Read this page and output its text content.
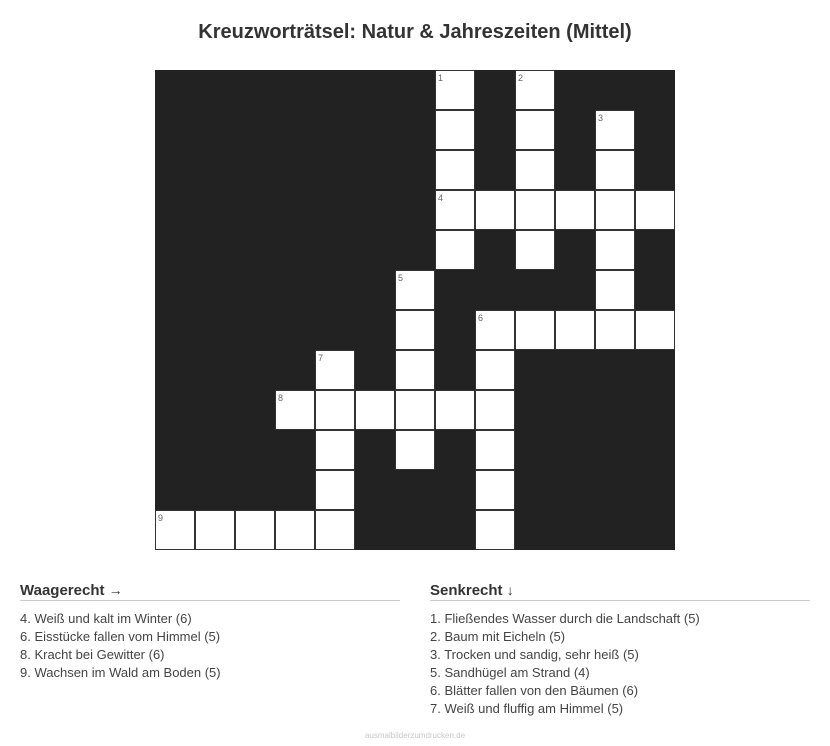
Kreuzworträtsel: Natur & Jahreszeiten (Mittel)
1	2
3
4
5
6
7
8
9
Waagerecht →
4. Weiß und kalt im Winter (6)
6. Eisstücke fallen vom Himmel (5)
8. Kracht bei Gewitter (6)
9. Wachsen im Wald am Boden (5)
Senkrecht ↓
1. Fließendes Wasser durch die Landschaft (5)
2. Baum mit Eicheln (5)
3. Trocken und sandig, sehr heiß (5)
5. Sandhügel am Strand (4)
6. Blätter fallen von den Bäumen (6)
7. Weiß und fluffig am Himmel (5)
ausmalbilderzumdrucken.de
